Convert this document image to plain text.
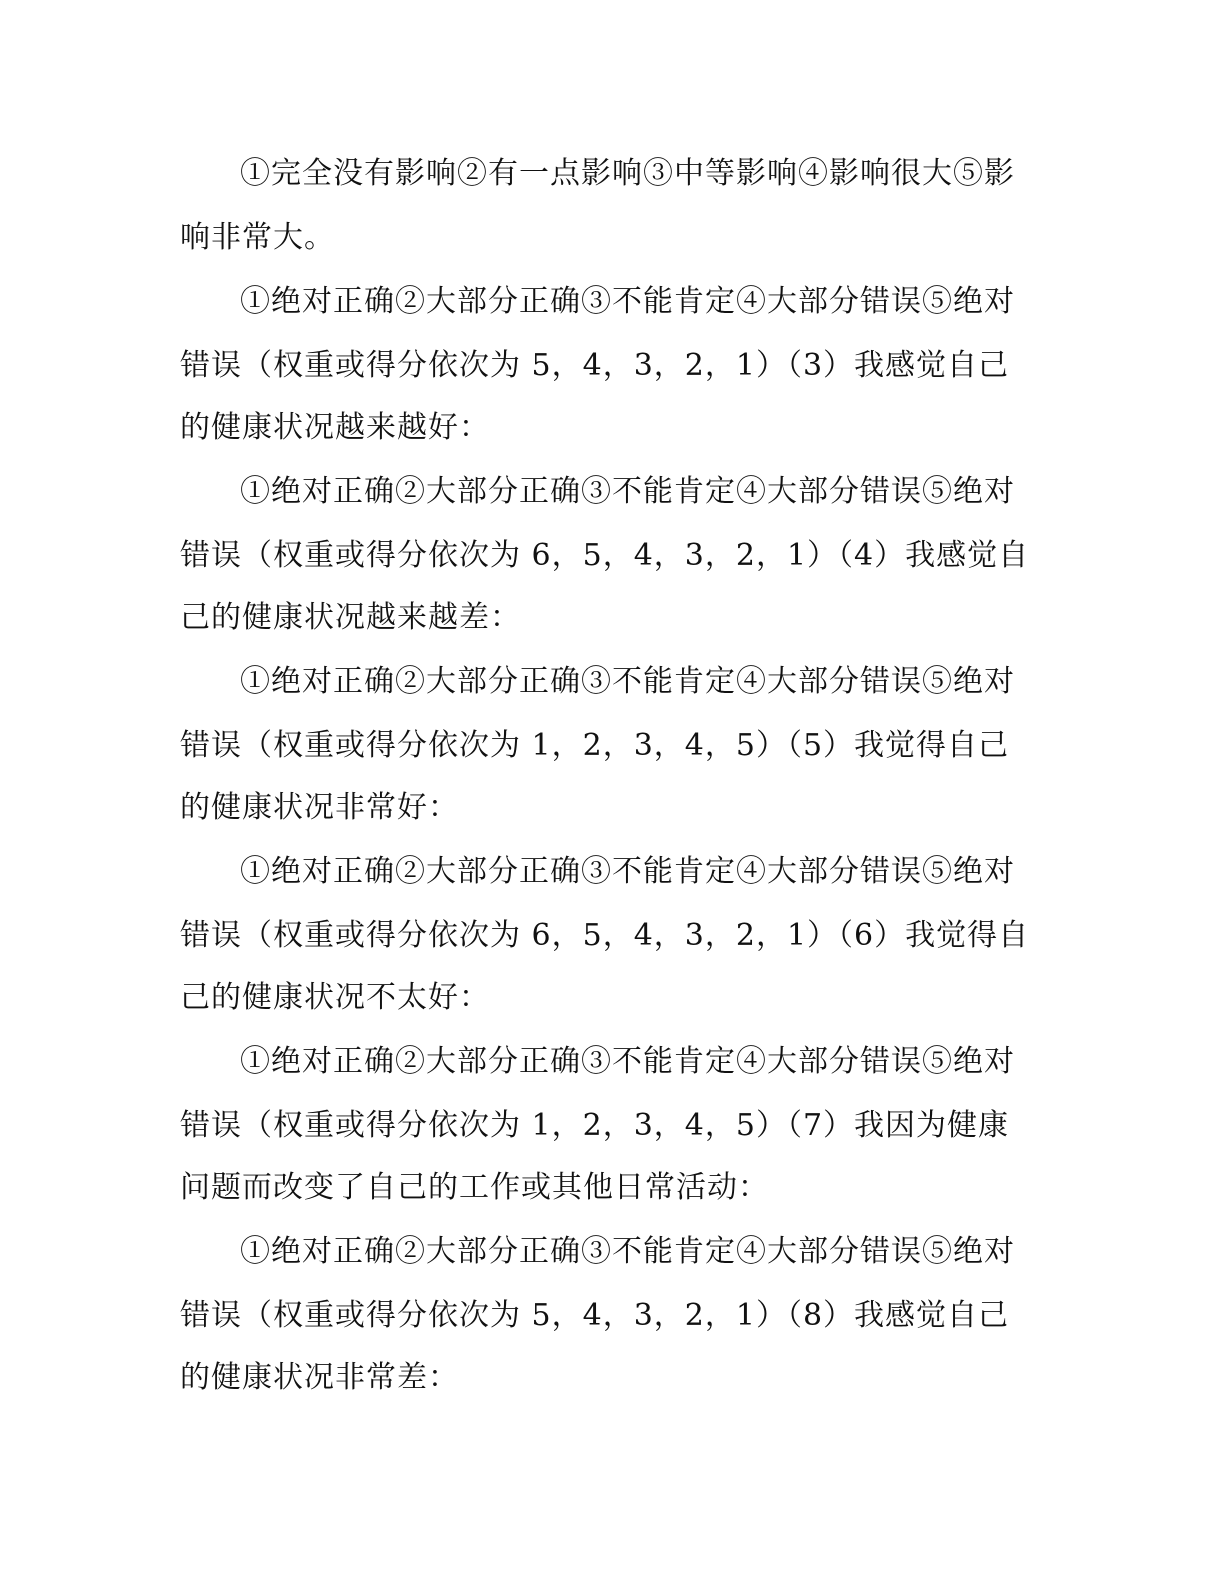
①完全没有影响②有一点影响③中等影响④影响很大⑤影
响非常大。
①绝对正确②大部分正确③不能肯定④大部分错误⑤绝对
错误（权重或得分依次为 5，4，3，2，1）（3）我感觉自己
的健康状况越来越好：
①绝对正确②大部分正确③不能肯定④大部分错误⑤绝对
错误（权重或得分依次为 6，5，4，3，2，1）（4）我感觉自
己的健康状况越来越差：
①绝对正确②大部分正确③不能肯定④大部分错误⑤绝对
错误（权重或得分依次为 1，2，3，4，5）（5）我觉得自己
的健康状况非常好：
①绝对正确②大部分正确③不能肯定④大部分错误⑤绝对
错误（权重或得分依次为 6，5，4，3，2，1）（6）我觉得自
己的健康状况不太好：
①绝对正确②大部分正确③不能肯定④大部分错误⑤绝对
错误（权重或得分依次为 1，2，3，4，5）（7）我因为健康
问题而改变了自己的工作或其他日常活动：
①绝对正确②大部分正确③不能肯定④大部分错误⑤绝对
错误（权重或得分依次为 5，4，3，2，1）（8）我感觉自己
的健康状况非常差：
